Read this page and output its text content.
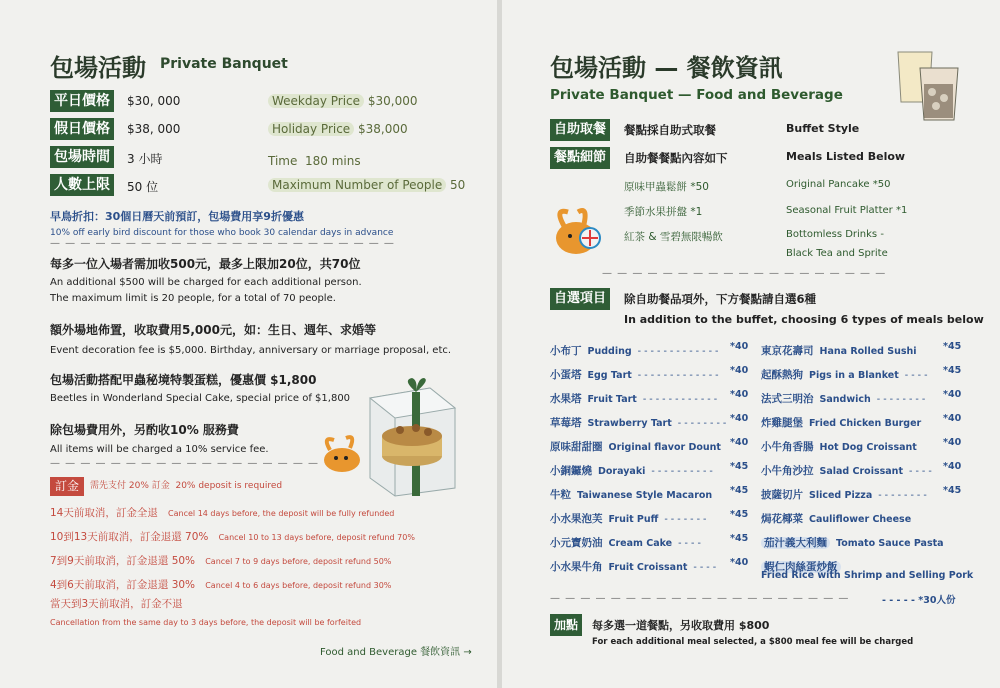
包場活動 Private Banquet
平日價格	$30, 000	Weekday Price $30,000
假日價格	$38, 000	Holiday Price $38,000
包場時間	3 小時	Time 180 mins
人數上限	50 位	Maximum Number of People 50
早鳥折扣：30個日曆天前預訂，包場費用享9折優惠
10% off early bird discount for those who book 30 calendar days in advance
— — — — — — — — — — — — — — — — — — — — — — —
每多一位入場者需加收500元，最多上限加20位，共70位
An additional $500 will be charged for each additional person.
The maximum limit is 20 people, for a total of 70 people.
額外場地佈置，收取費用5,000元，如：生日、週年、求婚等
Event decoration fee is $5,000. Birthday, anniversary or marriage proposal, etc.
包場活動搭配甲蟲秘境特製蛋糕，優惠價 $1,800
Beetles in Wonderland Special Cake, special price of $1,800
除包場費用外，另酌收10% 服務費
All items will be charged a 10% service fee.
— — — — — — — — — — — — — — — — — —
訂金	需先支付 20% 訂金 20% deposit is required
14天前取消，訂金全退 Cancel 14 days before, the deposit will be fully refunded
10到13天前取消，訂金退還 70% Cancel 10 to 13 days before, deposit refund 70%
7到9天前取消，訂金退還 50% Cancel 7 to 9 days before, deposit refund 50%
4到6天前取消，訂金退還 30% Cancel 4 to 6 days before, deposit refund 30%
當天到3天前取消，訂金不退
Cancellation from the same day to 3 days before, the deposit will be forfeited
Food and Beverage 餐飲資訊 →
包場活動 — 餐飲資訊
Private Banquet — Food and Beverage
自助取餐	餐點採自助式取餐	Buffet Style
餐點細節	自助餐餐點內容如下	Meals Listed Below
原味甲蟲鬆餅 *50	Original Pancake *50
季節水果拼盤 *1	Seasonal Fruit Platter *1
紅茶 & 雪碧無限暢飲	Bottomless Drinks -
Black Tea and Sprite
— — — — — — — — — — — — — — — — — — —
自選項目	除自助餐品項外，下方餐點請自選6種
In addition to the buffet, choosing 6 types of meals below
小布丁 Pudding - - - - - - - - - - - - - *40
小蛋塔 Egg Tart - - - - - - - - - - - - - *40
水果塔 Fruit Tart - - - - - - - - - - - - *40
草莓塔 Strawberry Tart - - - - - - - - *40
原味甜甜圈 Original flavor Dount *40
小銅鑼燒 Dorayaki - - - - - - - - - - *45
牛粒 Taiwanese Style Macaron	*45
小水果泡芙 Fruit Puff - - - - - - - *45
小元寶奶油 Cream Cake - - - -	*45
小水果牛角 Fruit Croissant - - - - *40
東京花壽司 Hana Rolled Sushi	*45
起酥熱狗 Pigs in a Blanket - - - - *45
法式三明治 Sandwich - - - - - - - - *40
炸雞腿堡 Fried Chicken Burger	*40
小牛角香腸 Hot Dog Croissant	*40
小牛角沙拉 Salad Croissant - - - - *40
披薩切片 Sliced Pizza - - - - - - - - *45
焗花椰菜 Cauliflower Cheese
茄汁義大利麵 Tomato Sauce Pasta
蝦仁肉絲蛋炒飯
Fried Rice with Shrimp and Selling Pork
- - - - - *30人份
— — — — — — — — — — — — — — — — — — — —
加點	每多選一道餐點，另收取費用 $800
For each additional meal selected, a $800 meal fee will be charged
